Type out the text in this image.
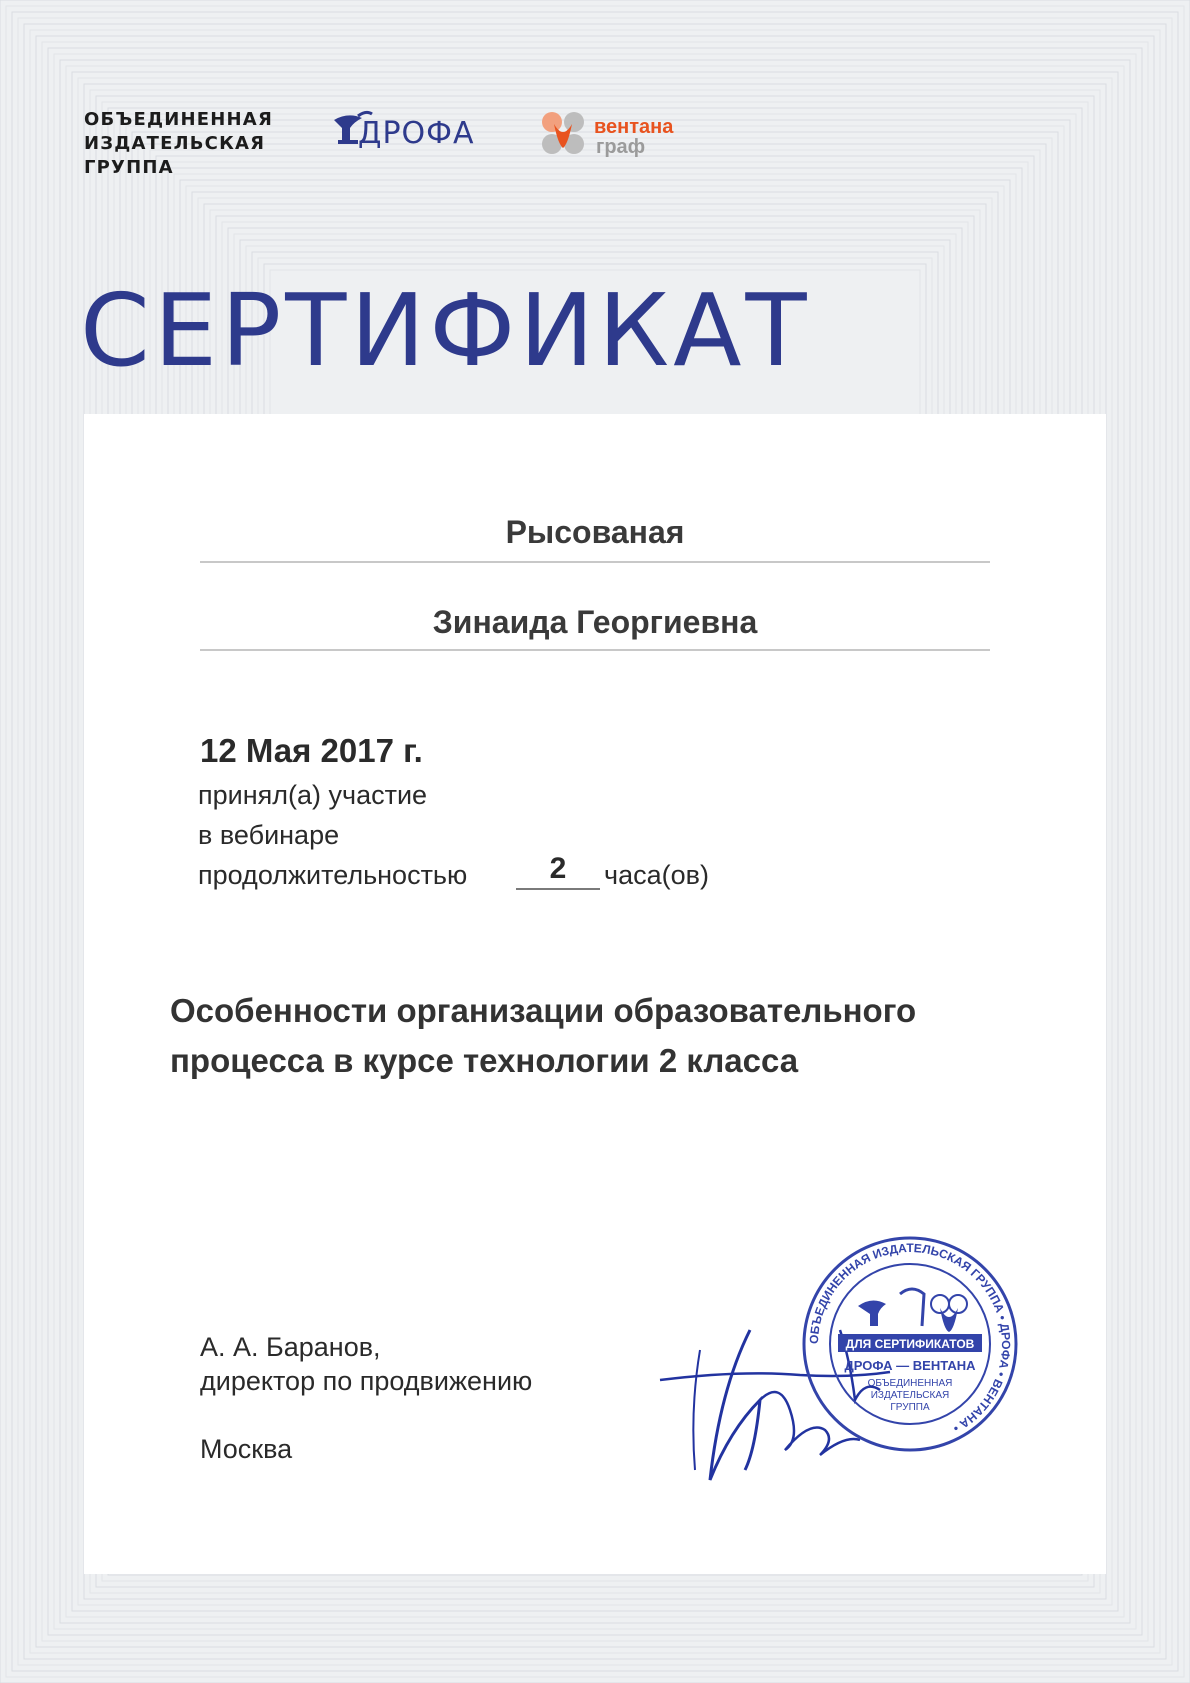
ОБЪЕДИНЕННАЯ
ИЗДАТЕЛЬСКАЯ
ГРУППА
ДРОФА	вентана
граф
СЕРТИФИКАТ
Рысованая
Зинаида Георгиевна
12 Мая 2017 г.
принял(а) участие
в вебинаре
продолжительностью	2	часа(ов)
Особенности организации образовательного
процесса в курсе технологии 2 класса
А. А. Баранов,
директор по продвижению
Москва
ОБЪЕДИНЕННАЯ ИЗДАТЕЛЬСКАЯ ГРУППА • ДРОФА • ВЕНТАНА •
ДЛЯ СЕРТИФИКАТОВ
ДРОФА — ВЕНТАНА
ОБЪЕДИНЕННАЯ
ИЗДАТЕЛЬСКАЯ
ГРУППА
